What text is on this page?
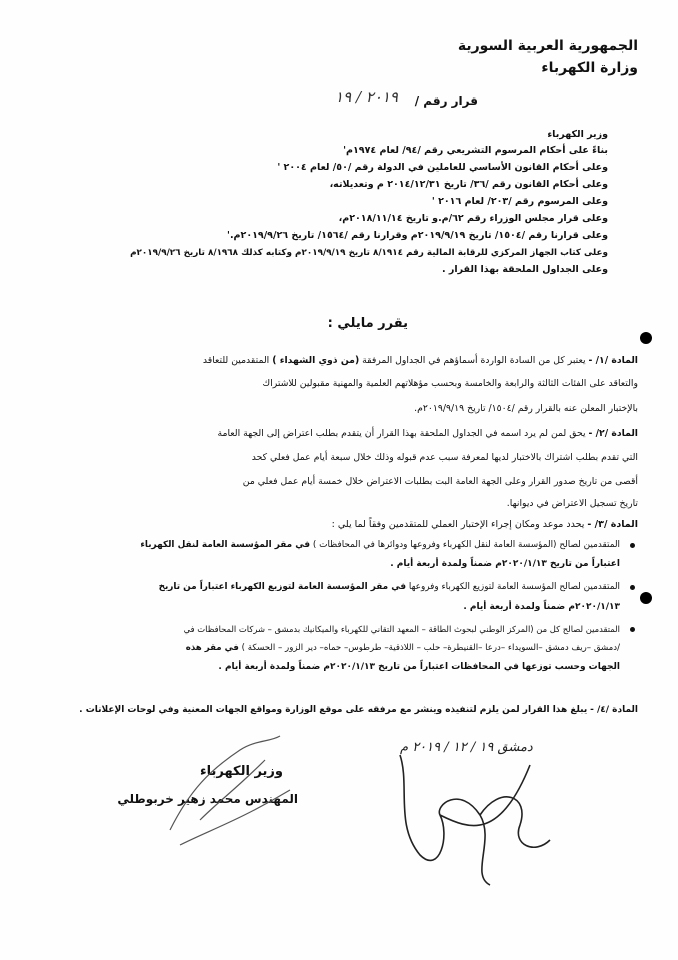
الجمهورية العربية السورية
وزارة الكهرباء
قرار رقم /
٢٠١٩ / ١٩
وزير الكهرباء
بناءً على أحكام المرسوم التشريعي رقم /٩٤/ لعام ١٩٧٤م'
وعلى أحكام القانون الأساسي للعاملين في الدولة رقم /٥٠/ لعام ٢٠٠٤ '
وعلى أحكام القانون رقم /٣٦/ تاريخ ٢٠١٤/١٢/٣١ م وتعديلاته،
وعلى المرسوم رقم /٢٠٣/ لعام ٢٠١٦ '
وعلى قرار مجلس الوزراء رقم ٦٢/م.و تاريخ ٢٠١٨/١١/١٤م،
وعلى قرارنا رقم /١٥٠٤/ تاريخ ٢٠١٩/٩/١٩م وقرارنا رقم /١٥٦٤/ تاريخ ٢٠١٩/٩/٢٦م.'
وعلى كتاب الجهاز المركزي للرقابة المالية رقم ٨/١٩١٤ تاريخ ٢٠١٩/٩/١٩م وكتابه كذلك ٨/١٩٦٨ تاريخ ٢٠١٩/٩/٢٦م
وعلى الجداول الملحقة بهذا القرار .
يقرر مايلي :
المادة /١/ - يعتبر كل من السادة الواردة أسماؤهم في الجداول المرفقة (من ذوي الشهداء ) المتقدمين للتعاقد
والتعاقد على الفئات الثالثة والرابعة والخامسة وبحسب مؤهلاتهم العلمية والمهنية مقبولين للاشتراك
بالإختبار المعلن عنه بالقرار رقم /١٥٠٤/ تاريخ ٢٠١٩/٩/١٩م.
المادة /٢/ - يحق لمن لم يرد اسمه في الجداول الملحقة بهذا القرار أن يتقدم بطلب اعتراض إلى الجهة العامة
التي تقدم بطلب اشتراك بالاختبار لديها لمعرفة سبب عدم قبوله وذلك خلال سبعة أيام عمل فعلي كحد
أقصى من تاريخ صدور القرار وعلى الجهة العامة البت بطلبات الاعتراض خلال خمسة أيام عمل فعلي من
تاريخ تسجيل الاعتراض في ديوانها.
المادة /٣/ - يحدد موعد ومكان إجراء الإختبار العملي للمتقدمين وفقاً لما يلي :
المتقدمين لصالح (المؤسسة العامة لنقل الكهرباء وفروعها ودوائرها في المحافظات ) في مقر المؤسسة العامة لنقل الكهرباء
اعتباراً من تاريخ ٢٠٢٠/١/١٣م ضمناً ولمدة أربعة أيام .
المتقدمين لصالح المؤسسة العامة لتوزيع الكهرباء وفروعها في مقر المؤسسة العامة لتوزيع الكهرباء اعتباراً من تاريخ
٢٠٢٠/١/١٣م ضمناً ولمدة أربعة أيام .
المتقدمين لصالح كل من (المركز الوطني لبحوث الطاقة – المعهد التقاني للكهرباء والميكانيك بدمشق – شركات المحافظات في
/دمشق –ريف دمشق –السويداء –درعا –القنيطرة– حلب – اللاذقية– طرطوس– حماه– دير الزور – الحسكة ) في مقر هذه
الجهات وحسب توزعها في المحافظات اعتباراً من تاريخ ٢٠٢٠/١/١٣م ضمناً ولمدة أربعة أيام .
المادة /٤/ - يبلغ هذا القرار لمن يلزم لتنفيذه وينشر مع مرفقه على موقع الوزارة ومواقع الجهات المعنية وفي لوحات الإعلانات .
دمشق ١٩ / ١٢ / ٢٠١٩ م
وزير الكهرباء
المهندس محمد زهير خربوطلي
